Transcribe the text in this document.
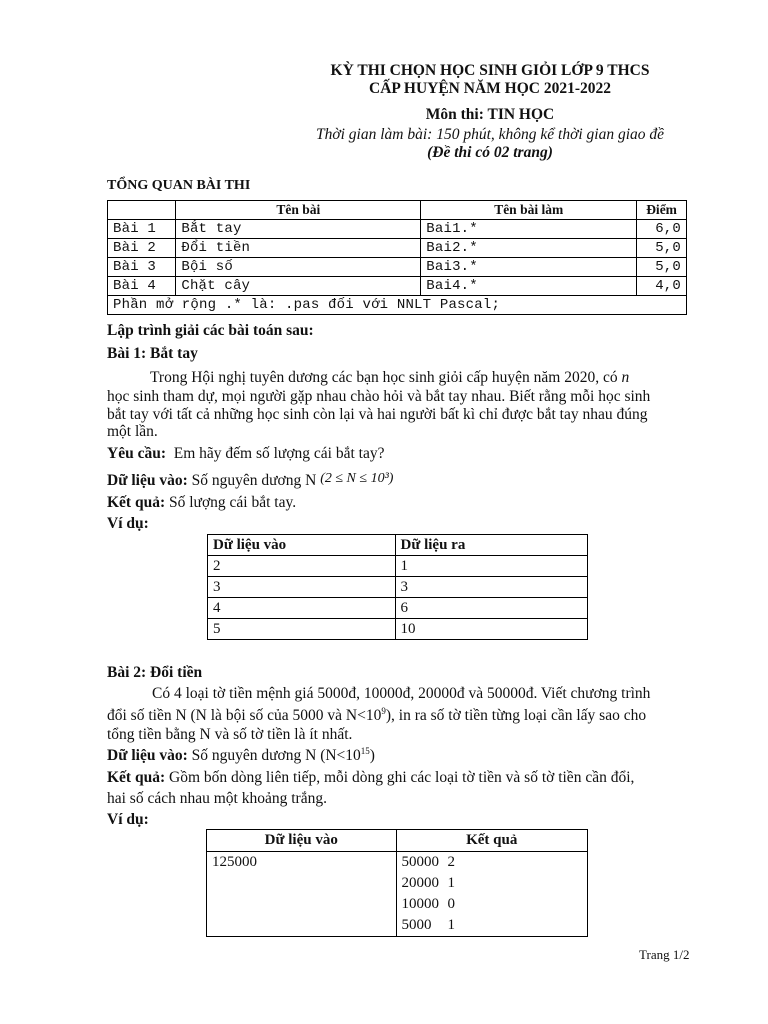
KỲ THI CHỌN HỌC SINH GIỎI LỚP 9 THCS
CẤP HUYỆN NĂM HỌC 2021-2022
Môn thi: TIN HỌC
Thời gian làm bài: 150 phút, không kể thời gian giao đề
(Đề thi có 02 trang)
TỔNG QUAN BÀI THI
	Tên bài	Tên bài làm	Điểm
Bài 1	Bắt tay	Bai1.*	6,0
Bài 2	Đổi tiền	Bai2.*	5,0
Bài 3	Bội số	Bai3.*	5,0
Bài 4	Chặt cây	Bai4.*	4,0
Phần mở rộng .* là: .pas đối với NNLT Pascal;			
Lập trình giải các bài toán sau:
Bài 1: Bắt tay
Trong Hội nghị tuyên dương các bạn học sinh giỏi cấp huyện năm 2020, có n
học sinh tham dự, mọi người gặp nhau chào hỏi và bắt tay nhau. Biết rằng mỗi học sinh
bắt tay với tất cả những học sinh còn lại và hai người bất kì chỉ được bắt tay nhau đúng
một lần.
Yêu cầu: Em hãy đếm số lượng cái bắt tay?
Dữ liệu vào: Số nguyên dương N (2 ≤ N ≤ 10³)
Kết quả: Số lượng cái bắt tay.
Ví dụ:
Dữ liệu vào	Dữ liệu ra
2	1
3	3
4	6
5	10
Bài 2: Đổi tiền
Có 4 loại tờ tiền mệnh giá 5000đ, 10000đ, 20000đ và 50000đ. Viết chương trình
đổi số tiền N (N là bội số của 5000 và $N<10^9$), in ra số tờ tiền từng loại cần lấy sao cho
tổng tiền bằng N và số tờ tiền là ít nhất.
Dữ liệu vào: Số nguyên dương N $(N<10^{15})$
Kết quả: Gồm bốn dòng liên tiếp, mỗi dòng ghi các loại tờ tiền và số tờ tiền cần đổi,
hai số cách nhau một khoảng trắng.
Ví dụ:
Dữ liệu vào	Kết quả
125000	50000 2
20000 1
10000 0
5000 1
Trang 1/2
